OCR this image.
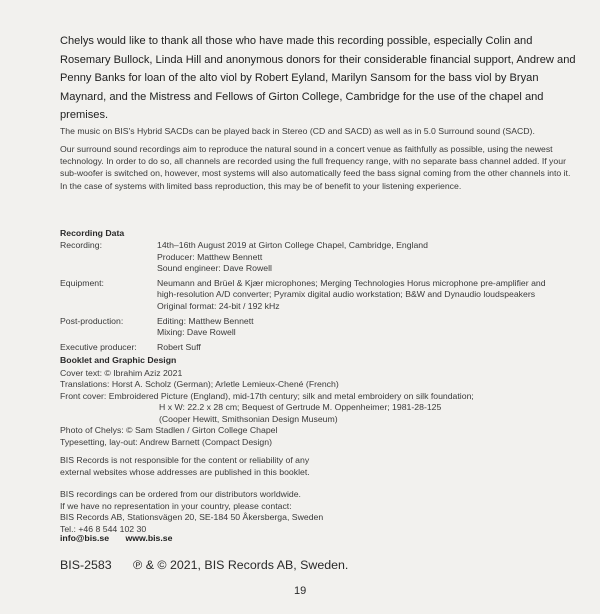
Chelys would like to thank all those who have made this recording possible, especially Colin and Rosemary Bullock, Linda Hill and anonymous donors for their considerable financial support, Andrew and Penny Banks for loan of the alto viol by Robert Eyland, Marilyn Sansom for the bass viol by Bryan Maynard, and the Mistress and Fellows of Girton College, Cambridge for the use of the chapel and premises.

The music on BIS's Hybrid SACDs can be played back in Stereo (CD and SACD) as well as in 5.0 Surround sound (SACD).

Our surround sound recordings aim to reproduce the natural sound in a concert venue as faithfully as possible, using the newest technology. In order to do so, all channels are recorded using the full frequency range, with no separate bass channel added. If your sub-woofer is switched on, however, most systems will also automatically feed the bass signal coming from the other channels into it. In the case of systems with limited bass reproduction, this may be of benefit to your listening experience.

Recording Data
Recording:	14th–16th August 2019 at Girton College Chapel, Cambridge, England
Producer: Matthew Bennett
Sound engineer: Dave Rowell
Equipment:	Neumann and Brüel & Kjær microphones; Merging Technologies Horus microphone pre-amplifier and
high-resolution A/D converter; Pyramix digital audio workstation; B&W and Dynaudio loudspeakers
Original format: 24-bit / 192 kHz
Post-production:	Editing: Matthew Bennett
Mixing: Dave Rowell
Executive producer:	Robert Suff
Booklet and Graphic Design
Cover text: © Ibrahim Aziz 2021
Translations: Horst A. Scholz (German); Arletle Lemieux-Chené (French)
Front cover: Embroidered Picture (England), mid-17th century; silk and metal embroidery on silk foundation;
H x W: 22.2 x 28 cm; Bequest of Gertrude M. Oppenheimer; 1981-28-125
(Cooper Hewitt, Smithsonian Design Museum)
Photo of Chelys: © Sam Stadlen / Girton College Chapel
Typesetting, lay-out: Andrew Barnett (Compact Design)
BIS Records is not responsible for the content or reliability of any
external websites whose addresses are published in this booklet.
BIS recordings can be ordered from our distributors worldwide.
If we have no representation in your country, please contact:
BIS Records AB, Stationsvägen 20, SE-184 50 Åkersberga, Sweden
Tel.: +46 8 544 102 30
info@bis.se www.bis.se
BIS-2583 ℗ & © 2021, BIS Records AB, Sweden.
19
